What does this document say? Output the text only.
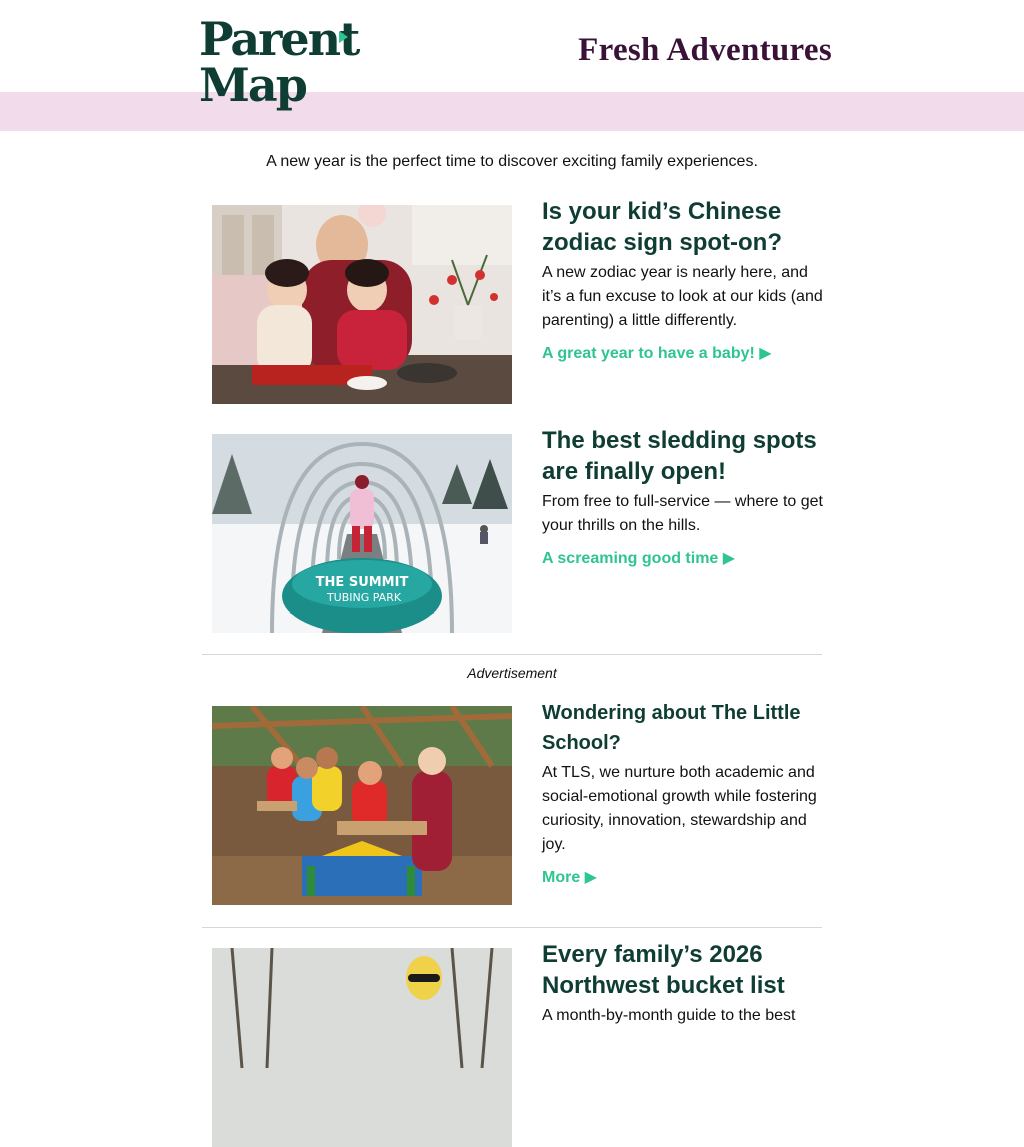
Parent
Map
Fresh Adventures
A new year is the perfect time to discover exciting family experiences.
Is your kid’s Chinese zodiac sign spot-on?

A new zodiac year is nearly here, and it’s a fun excuse to look at our kids (and parenting) a little differently.

A great year to have a baby! ▶
THE SUMMIT
TUBING PARK
The best sledding spots are finally open!

From free to full-service — where to get your thrills on the hills.

A screaming good time ▶
Advertisement
Wondering about The Little School?

At TLS, we nurture both academic and social-emotional growth while fostering curiosity, innovation, stewardship and joy.

More ▶
Every family’s 2026 Northwest bucket list

A month-by-month guide to the best
